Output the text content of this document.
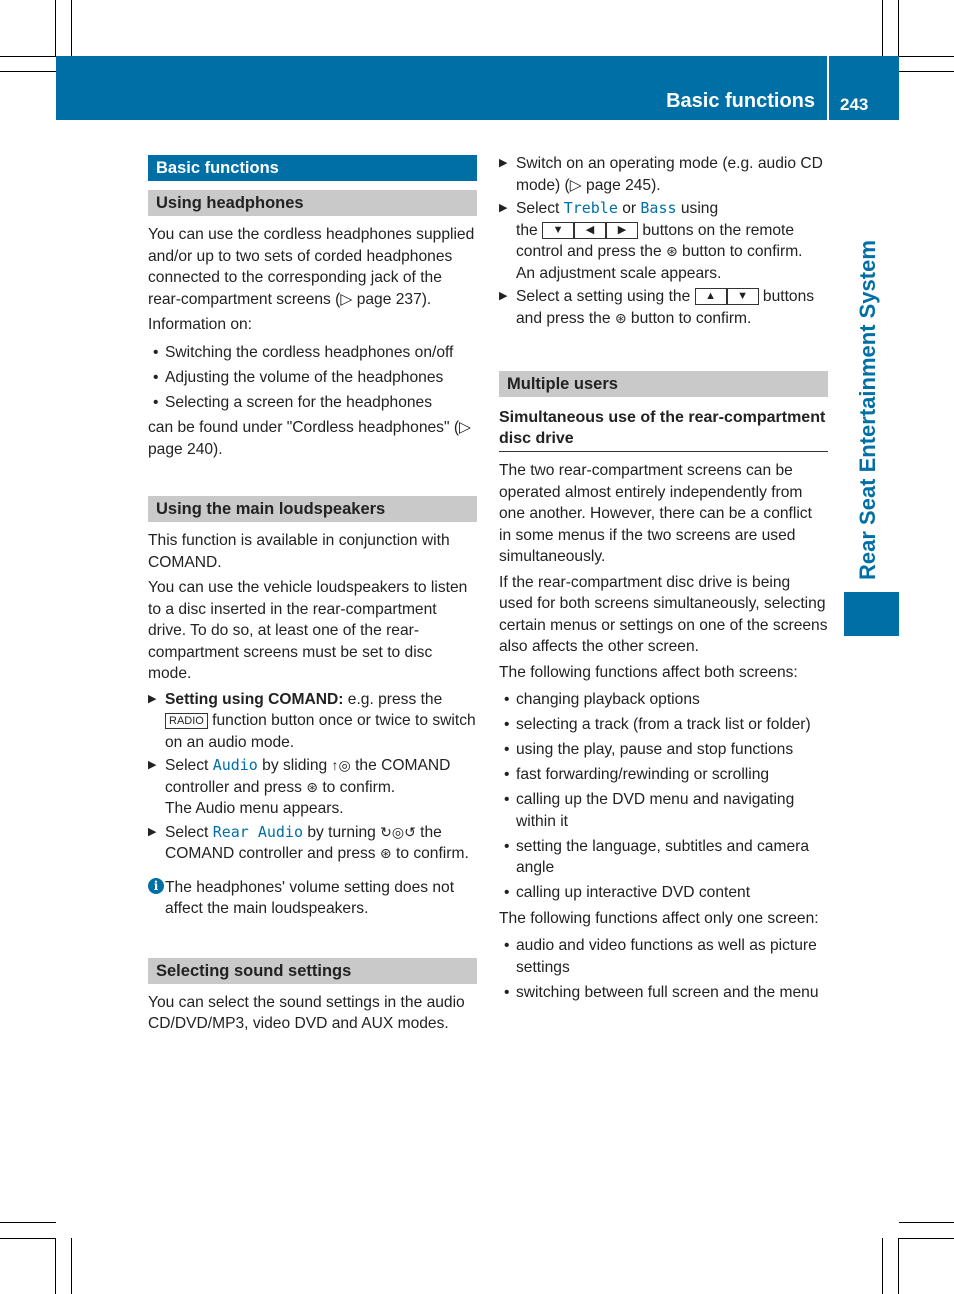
Basic functions 243
Rear Seat Entertainment System
Basic functions
Using headphones

You can use the cordless headphones supplied and/or up to two sets of corded headphones connected to the corresponding jack of the rear-compartment screens (▷ page 237).

Information on:

• Switching the cordless headphones on/off
• Adjusting the volume of the headphones
• Selecting a screen for the headphones

can be found under "Cordless headphones" (▷ page 240).

Using the main loudspeakers

This function is available in conjunction with COMAND.

You can use the vehicle loudspeakers to listen to a disc inserted in the rear-compartment drive. To do so, at least one of the rear-compartment screens must be set to disc mode.

▶ Setting using COMAND: e.g. press the RADIO function button once or twice to switch on an audio mode.
▶ Select Audio by sliding ↑◎ the COMAND controller and press ⊛ to confirm.
The Audio menu appears.
▶ Select Rear Audio by turning ↻◎↺ the COMAND controller and press ⊛ to confirm.
i The headphones' volume setting does not affect the main loudspeakers.
Selecting sound settings

You can select the sound settings in the audio CD/DVD/MP3, video DVD and AUX modes.

▶ Switch on an operating mode (e.g. audio CD mode) (▷ page 245).
▶ Select Treble or Bass using
the ▼ ◀ ▶ buttons on the remote control and press the ⊛ button to confirm.
An adjustment scale appears.
▶ Select a setting using the ▲ ▼ buttons and press the ⊛ button to confirm.
Multiple users
Simultaneous use of the rear-compartment disc drive

The two rear-compartment screens can be operated almost entirely independently from one another. However, there can be a conflict in some menus if the two screens are used simultaneously.

If the rear-compartment disc drive is being used for both screens simultaneously, selecting certain menus or settings on one of the screens also affects the other screen.

The following functions affect both screens:

• changing playback options
• selecting a track (from a track list or folder)
• using the play, pause and stop functions
• fast forwarding/rewinding or scrolling
• calling up the DVD menu and navigating within it
• setting the language, subtitles and camera angle
• calling up interactive DVD content

The following functions affect only one screen:

• audio and video functions as well as picture settings
• switching between full screen and the menu
